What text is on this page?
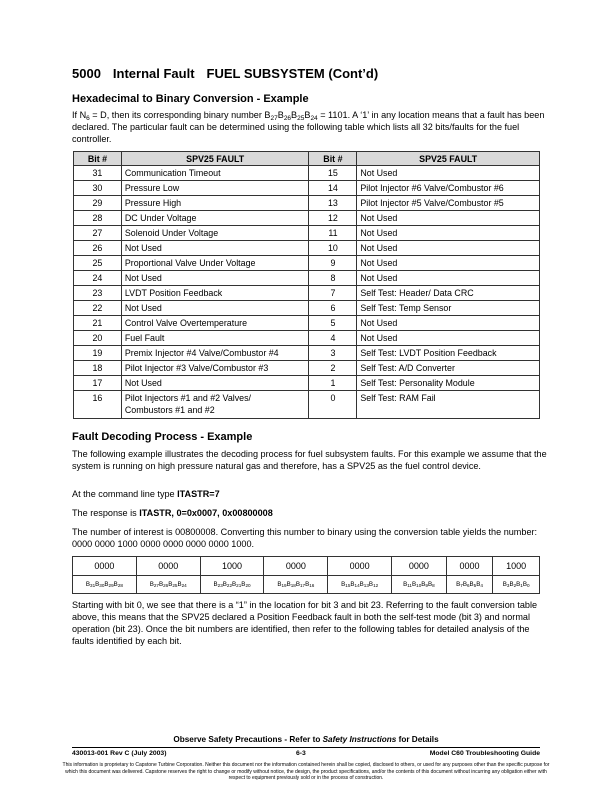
5000 Internal Fault FUEL SUBSYSTEM (Cont’d)
Hexadecimal to Binary Conversion - Example
If $N_6 = D$, then its corresponding binary number $B_{27}B_{26}B_{25}B_{24} = 1101$. A ‘1’ in any location means that a fault has been declared. The particular fault can be determined using the following table which lists all 32 bits/faults for the fuel controller.
Bit #	SPV25 FAULT	Bit #	SPV25 FAULT
31	Communication Timeout	15	Not Used
30	Pressure Low	14	Pilot Injector #6 Valve/Combustor #6
29	Pressure High	13	Pilot Injector #5 Valve/Combustor #5
28	DC Under Voltage	12	Not Used
27	Solenoid Under Voltage	11	Not Used
26	Not Used	10	Not Used
25	Proportional Valve Under Voltage	9	Not Used
24	Not Used	8	Not Used
23	LVDT Position Feedback	7	Self Test: Header/ Data CRC
22	Not Used	6	Self Test: Temp Sensor
21	Control Valve Overtemperature	5	Not Used
20	Fuel Fault	4	Not Used
19	Premix Injector #4 Valve/Combustor #4	3	Self Test: LVDT Position Feedback
18	Pilot Injector #3 Valve/Combustor #3	2	Self Test: A/D Converter
17	Not Used	1	Self Test: Personality Module
16	Pilot Injectors #1 and #2 Valves/
Combustors #1 and #2	0	Self Test: RAM Fail
Fault Decoding Process - Example
The following example illustrates the decoding process for fuel subsystem faults. For this example we assume that the system is running on high pressure natural gas and therefore, has a SPV25 as the fuel control device.
At the command line type ITASTR=7
The response is ITASTR, 0=0x0007, 0x00800008
The number of interest is 00800008. Converting this number to binary using the conversion table yields the number: 0000 0000 1000 0000 0000 0000 0000 1000.
0000	0000	1000	0000	0000	0000	0000	1000
$B_{31}B_{30}B_{29}B_{28}$	$B_{27}B_{26}B_{25}B_{24}$	$B_{23}B_{22}B_{21}B_{20}$	$B_{19}B_{18}B_{17}B_{16}$	$B_{15}B_{14}B_{13}B_{12}$	$B_{11}B_{10}B_9B_8$	$B_7B_6B_5B_4$	$B_3B_2B_1B_0$
Starting with bit 0, we see that there is a “1” in the location for bit 3 and bit 23. Referring to the fault conversion table above, this means that the SPV25 declared a Position Feedback fault in both the self-test mode (bit 3) and normal operation (bit 23). Once the bit numbers are identified, then refer to the following tables for detailed analysis of the faults identified by each bit.
Observe Safety Precautions - Refer to Safety Instructions for Details
430013-001 Rev C (July 2003)	6-3	Model C60 Troubleshooting Guide
This information is proprietary to Capstone Turbine Corporation. Neither this document nor the information contained herein shall be copied, disclosed to others, or used for any purposes other than the specific purpose for which this document was delivered. Capstone reserves the right to change or modify without notice, the design, the product specifications, and/or the contents of this document without incurring any obligation either with respect to equipment previously sold or in the process of construction.
